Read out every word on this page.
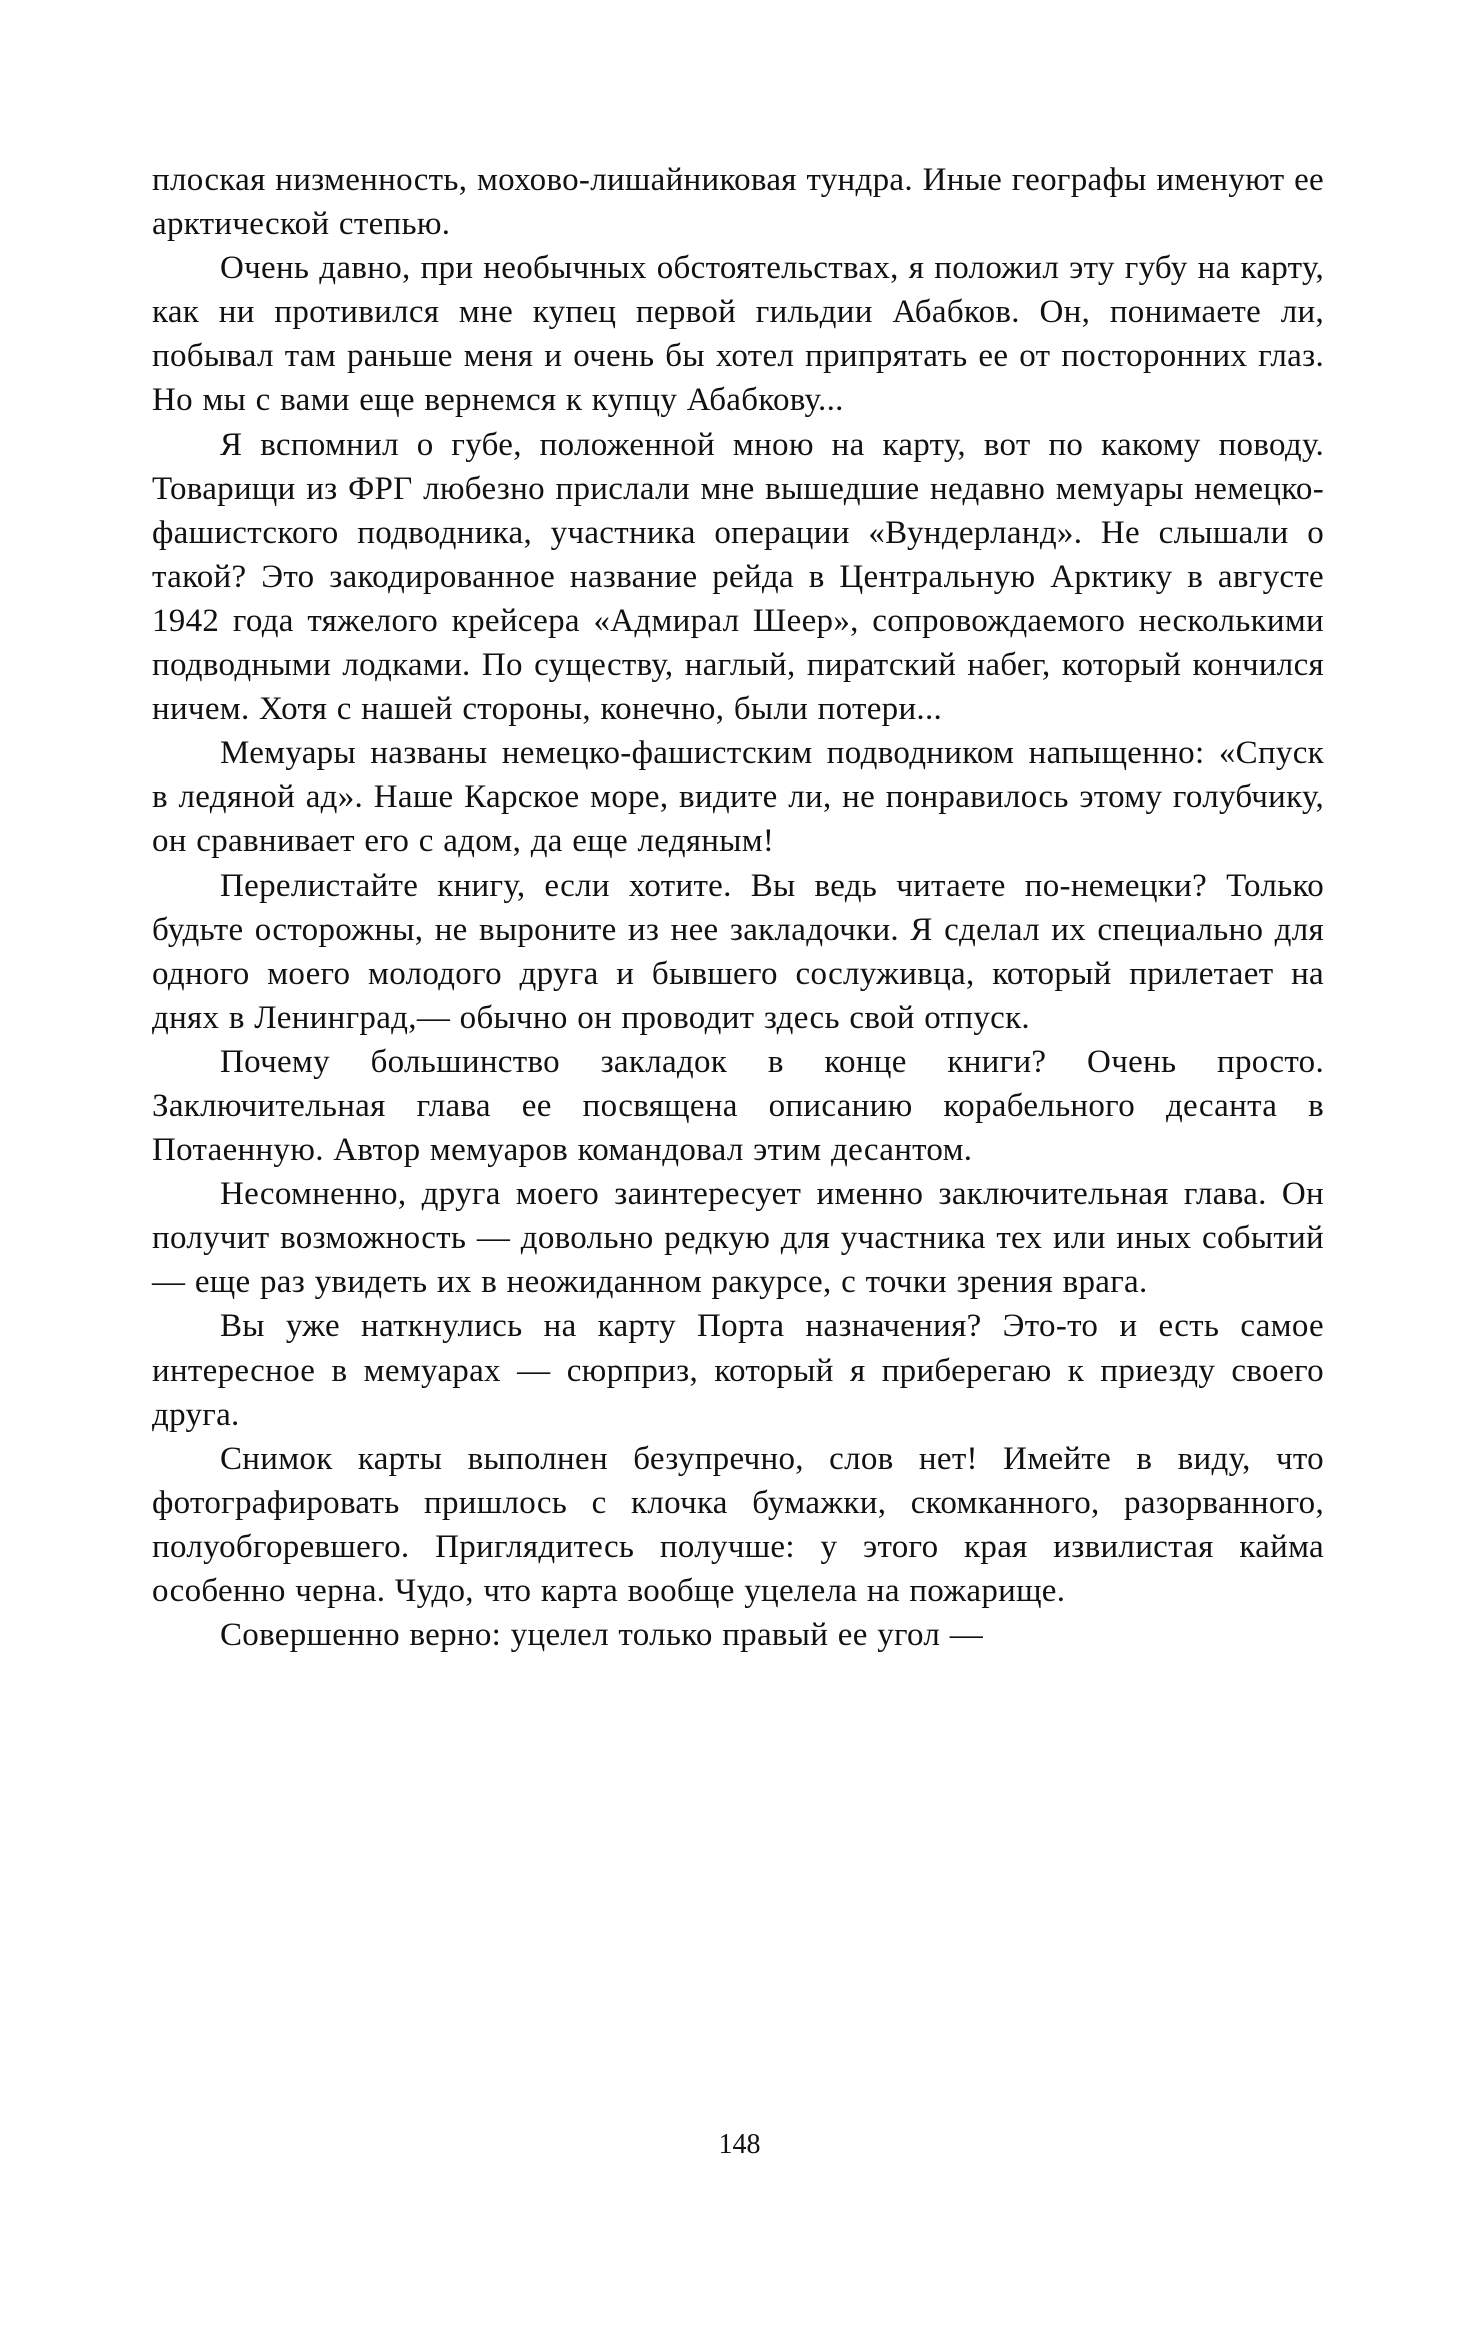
плоская низменность, мохово-лишайниковая тундра. Иные географы именуют ее арктической степью.

Очень давно, при необычных обстоятельствах, я положил эту губу на карту, как ни противился мне купец первой гильдии Абабков. Он, понимаете ли, побывал там раньше меня и очень бы хотел припрятать ее от посторонних глаз. Но мы с вами еще вернемся к купцу Абабкову...

Я вспомнил о губе, положенной мною на карту, вот по какому поводу. Товарищи из ФРГ любезно прислали мне вышедшие недавно мемуары немецко-фашистского подводника, участника операции «Вундерланд». Не слышали о такой? Это закодированное название рейда в Центральную Арктику в августе 1942 года тяжелого крейсера «Адмирал Шеер», сопровождаемого несколькими подводными лодками. По существу, наглый, пиратский набег, который кончился ничем. Хотя с нашей стороны, конечно, были потери...

Мемуары названы немецко-фашистским подводником напыщенно: «Спуск в ледяной ад». Наше Карское море, видите ли, не понравилось этому голубчику, он сравнивает его с адом, да еще ледяным!

Перелистайте книгу, если хотите. Вы ведь читаете по-немецки? Только будьте осторожны, не выроните из нее закладочки. Я сделал их специально для одного моего молодого друга и бывшего сослуживца, который прилетает на днях в Ленинград,— обычно он проводит здесь свой отпуск.

Почему большинство закладок в конце книги? Очень просто. Заключительная глава ее посвящена описанию корабельного десанта в Потаенную. Автор мемуаров командовал этим десантом.

Несомненно, друга моего заинтересует именно заключительная глава. Он получит возможность — довольно редкую для участника тех или иных событий — еще раз увидеть их в неожиданном ракурсе, с точки зрения врага.

Вы уже наткнулись на карту Порта назначения? Это-то и есть самое интересное в мемуарах — сюрприз, который я приберегаю к приезду своего друга.

Снимок карты выполнен безупречно, слов нет! Имейте в виду, что фотографировать пришлось с клочка бумажки, скомканного, разорванного, полуобгоревшего. Приглядитесь получше: у этого края извилистая кайма особенно черна. Чудо, что карта вообще уцелела на пожарище.

Совершенно верно: уцелел только правый ее угол —

148
